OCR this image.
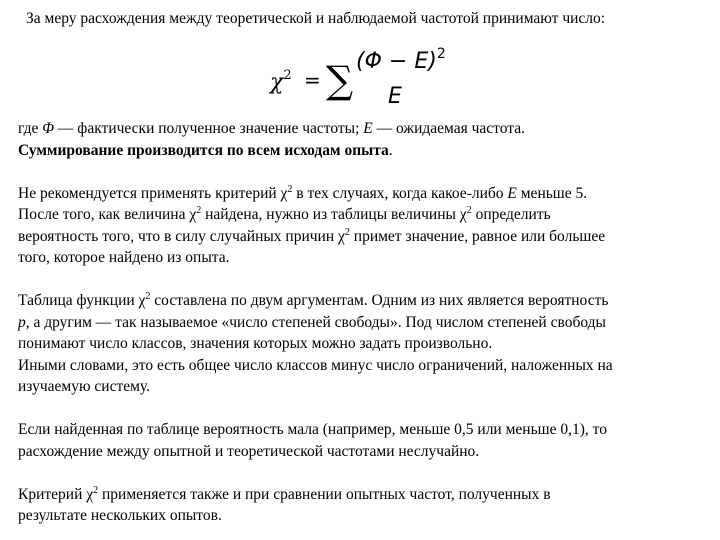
За меру расхождения между теоретической и наблюдаемой частотой принимают число:
$\chi^2$ = ∑ $(\Phi - E)^2$
E
где Φ — фактически полученное значение частоты; E — ожидаемая частота.
Суммирование производится по всем исходам опыта.
Не рекомендуется применять критерий $\chi^2$ в тех случаях, когда какое-либо E меньше 5.
После того, как величина $\chi^2$ найдена, нужно из таблицы величины $\chi^2$ определить
вероятность того, что в силу случайных причин $\chi^2$ примет значение, равное или большее
того, которое найдено из опыта.
Таблица функции $\chi^2$ составлена по двум аргументам. Одним из них является вероятность
p, а другим — так называемое «число степеней свободы». Под числом степеней свободы
понимают число классов, значения которых можно задать произвольно.
Иными словами, это есть общее число классов минус число ограничений, наложенных на
изучаемую систему.
Если найденная по таблице вероятность мала (например, меньше 0,5 или меньше 0,1), то
расхождение между опытной и теоретической частотами неслучайно.
Критерий $\chi^2$ применяется также и при сравнении опытных частот, полученных в
результате нескольких опытов.
